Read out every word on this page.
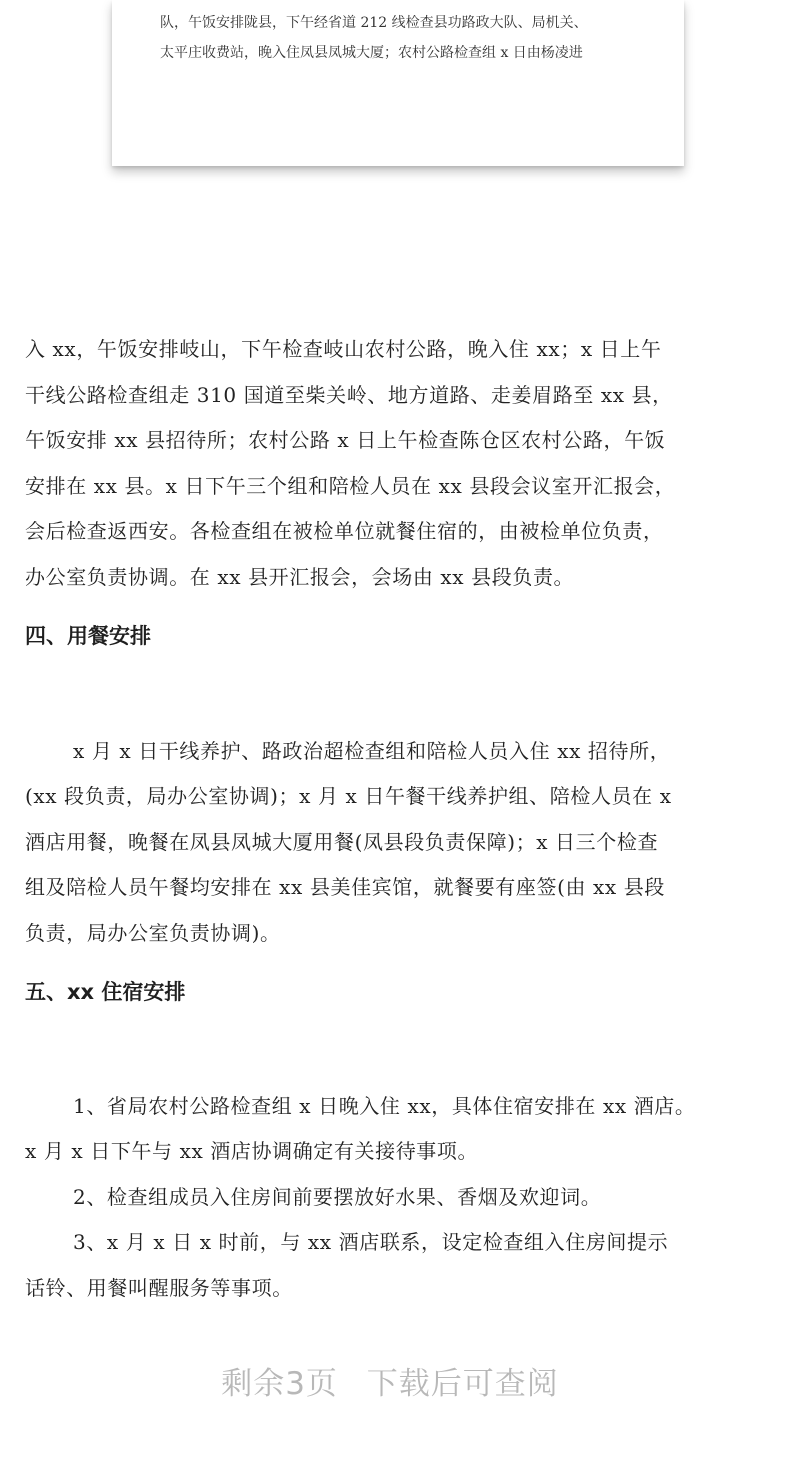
队，午饭安排陇县，下午经省道 212 线检查县功路政大队、局机关、

太平庄收费站，晚入住凤县凤城大厦；农村公路检查组 x 日由杨凌进

入 xx，午饭安排岐山，下午检查岐山农村公路，晚入住 xx；x 日上午

干线公路检查组走 310 国道至柴关岭、地方道路、走姜眉路至 xx 县，

午饭安排 xx 县招待所；农村公路 x 日上午检查陈仓区农村公路，午饭

安排在 xx 县。x 日下午三个组和陪检人员在 xx 县段会议室开汇报会，

会后检查返西安。各检查组在被检单位就餐住宿的，由被检单位负责，

办公室负责协调。在 xx 县开汇报会，会场由 xx 县段负责。

四、用餐安排

x 月 x 日干线养护、路政治超检查组和陪检人员入住 xx 招待所，

(xx 段负责，局办公室协调)；x 月 x 日午餐干线养护组、陪检人员在 x

酒店用餐，晚餐在凤县凤城大厦用餐(凤县段负责保障)；x 日三个检查

组及陪检人员午餐均安排在 xx 县美佳宾馆，就餐要有座签(由 xx 县段

负责，局办公室负责协调)。

五、xx 住宿安排

1、省局农村公路检查组 x 日晚入住 xx，具体住宿安排在 xx 酒店。

x 月 x 日下午与 xx 酒店协调确定有关接待事项。

2、检查组成员入住房间前要摆放好水果、香烟及欢迎词。

3、x 月 x 日 x 时前，与 xx 酒店联系，设定检查组入住房间提示

话铃、用餐叫醒服务等事项。

剩余3页 下载后可查阅
